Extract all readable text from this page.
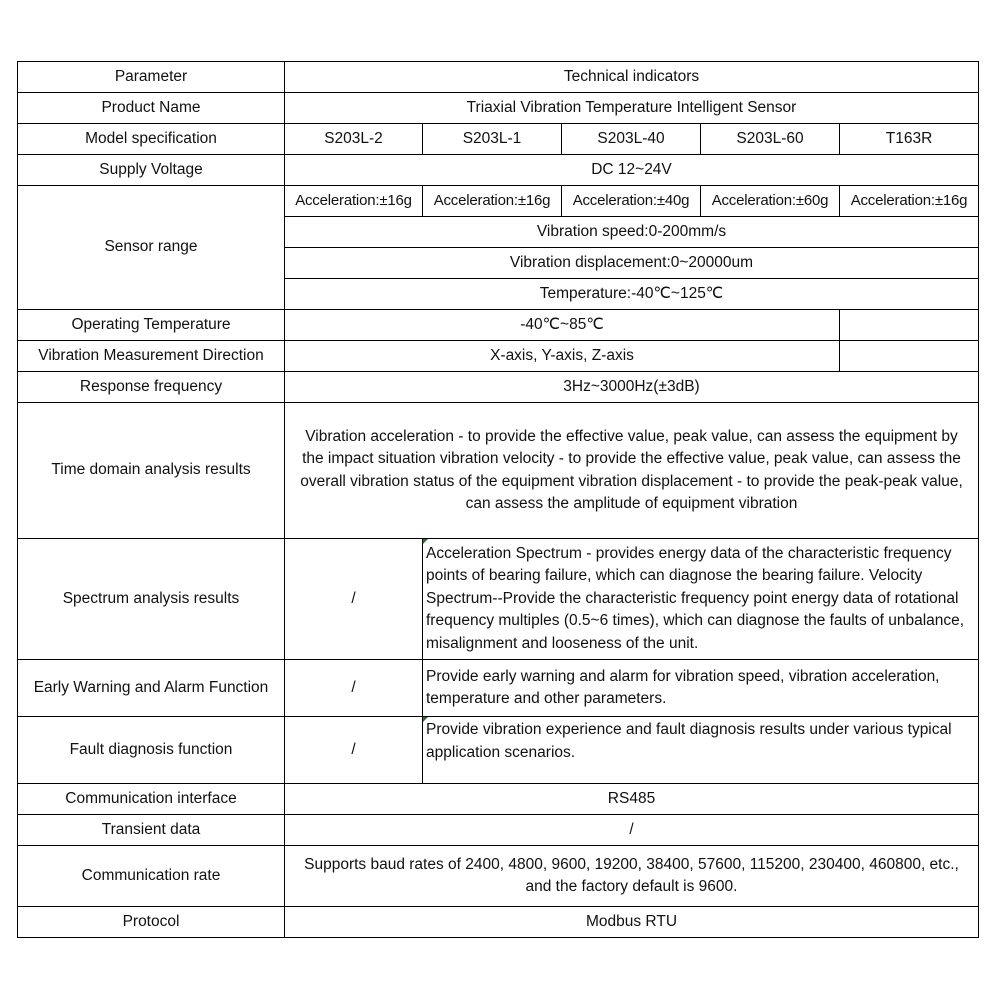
Parameter	Technical indicators				
Product Name	Triaxial Vibration Temperature Intelligent Sensor				
Model specification	S203L-2	S203L-1	S203L-40	S203L-60	T163R
Supply Voltage	DC 12~24V				
Sensor range	Acceleration:±16g	Acceleration:±16g	Acceleration:±40g	Acceleration:±60g	Acceleration:±16g
	Vibration speed:0-200mm/s				
	Vibration displacement:0~20000um				
	Temperature:-40℃~125℃				
Operating Temperature	-40℃~85℃				
Vibration Measurement Direction	X-axis, Y-axis, Z-axis				
Response frequency	3Hz~3000Hz(±3dB)				
Time domain analysis results	Vibration acceleration - to provide the effective value, peak value, can assess the equipment by the impact situation vibration velocity - to provide the effective value, peak value, can assess the overall vibration status of the equipment vibration displacement - to provide the peak-peak value, can assess the amplitude of equipment vibration				
Spectrum analysis results	/	Acceleration Spectrum - provides energy data of the characteristic frequency points of bearing failure, which can diagnose the bearing failure. Velocity Spectrum--Provide the characteristic frequency point energy data of rotational frequency multiples (0.5~6 times), which can diagnose the faults of unbalance, misalignment and looseness of the unit.			
Early Warning and Alarm Function	/	Provide early warning and alarm for vibration speed, vibration acceleration, temperature and other parameters.			
Fault diagnosis function	/	Provide vibration experience and fault diagnosis results under various typical application scenarios.			
Communication interface	RS485				
Transient data	/				
Communication rate	Supports baud rates of 2400, 4800, 9600, 19200, 38400, 57600, 115200, 230400, 460800, etc., and the factory default is 9600.				
Protocol	Modbus RTU				
